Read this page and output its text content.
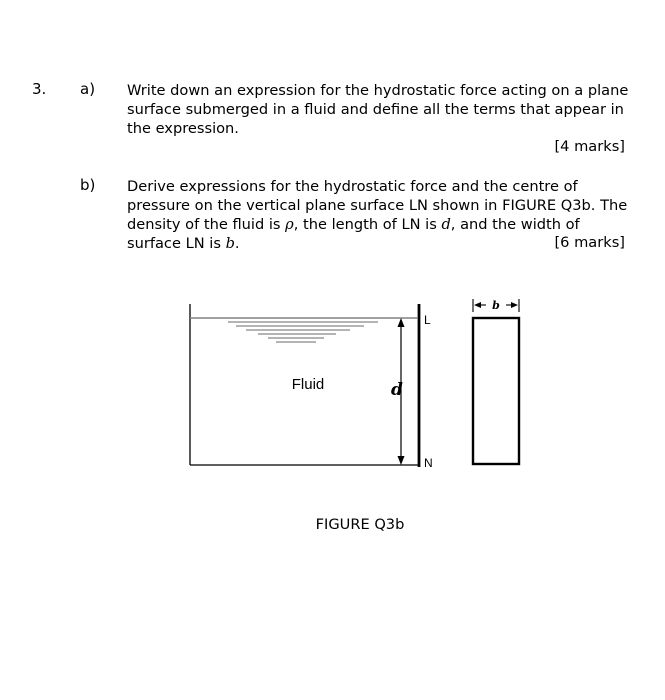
3. a) Write down an expression for the hydrostatic force acting on a plane surface submerged in a fluid and define all the terms that appear in the expression.
[4 marks]
b) Derive expressions for the hydrostatic force and the centre of pressure on the vertical plane surface LN shown in FIGURE Q3b. The density of the fluid is ρ, the length of LN is d, and the width of surface LN is b.	[6 marks]
Fluid	d
L
N
b
FIGURE Q3b
